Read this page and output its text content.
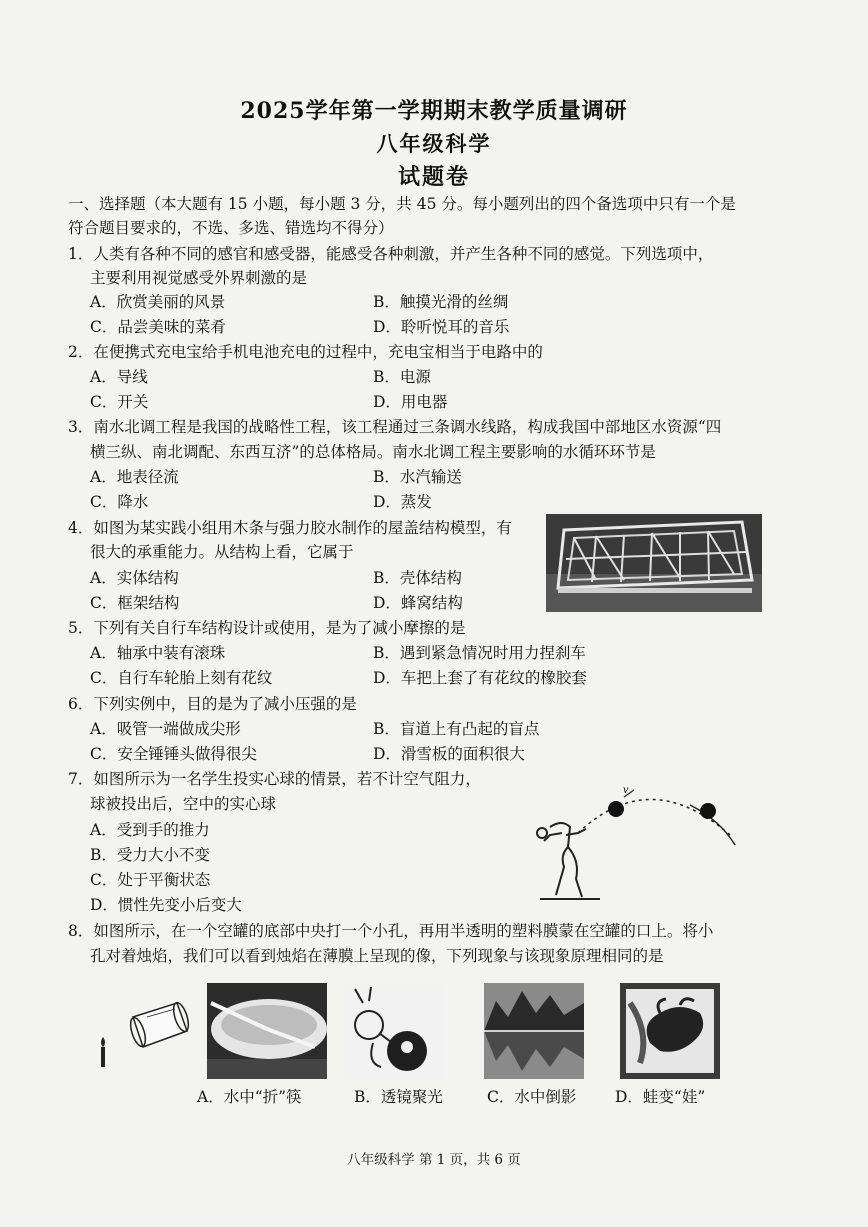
2025学年第一学期期末教学质量调研
八年级科学
试题卷
一、选择题（本大题有 15 小题，每小题 3 分，共 45 分。每小题列出的四个备选项中只有一个是
符合题目要求的，不选、多选、错选均不得分）
1．人类有各种不同的感官和感受器，能感受各种刺激，并产生各种不同的感觉。下列选项中，
主要利用视觉感受外界刺激的是
A．欣赏美丽的风景	B．触摸光滑的丝绸
C．品尝美味的菜肴	D．聆听悦耳的音乐
2．在便携式充电宝给手机电池充电的过程中，充电宝相当于电路中的
A．导线	B．电源
C．开关	D．用电器
3．南水北调工程是我国的战略性工程，该工程通过三条调水线路，构成我国中部地区水资源“四
横三纵、南北调配、东西互济”的总体格局。南水北调工程主要影响的水循环环节是
A．地表径流	B．水汽输送
C．降水	D．蒸发
4．如图为某实践小组用木条与强力胶水制作的屋盖结构模型，有
很大的承重能力。从结构上看，它属于
A．实体结构	B．壳体结构
C．框架结构	D．蜂窝结构
5．下列有关自行车结构设计或使用，是为了减小摩擦的是
A．轴承中装有滚珠	B．遇到紧急情况时用力捏刹车
C．自行车轮胎上刻有花纹	D．车把上套了有花纹的橡胶套
6．下列实例中，目的是为了减小压强的是
A．吸管一端做成尖形	B．盲道上有凸起的盲点
C．安全锤锤头做得很尖	D．滑雪板的面积很大
7．如图所示为一名学生投实心球的情景，若不计空气阻力，
球被投出后，空中的实心球
A．受到手的推力
B．受力大小不变
C．处于平衡状态
D．惯性先变小后变大
v
8．如图所示，在一个空罐的底部中央打一个小孔，再用半透明的塑料膜蒙在空罐的口上。将小
孔对着烛焰，我们可以看到烛焰在薄膜上呈现的像，下列现象与该现象原理相同的是
A．水中“折”筷	B．透镜聚光	C．水中倒影 D．蛙变“娃”
八年级科学 第 1 页，共 6 页
